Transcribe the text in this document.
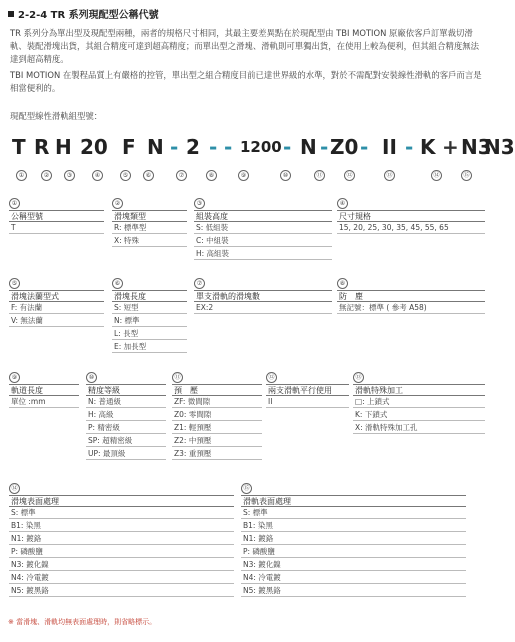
2-2-4 TR 系列現配型公稱代號
TR 系列分為單出型及現配型兩種，兩者的規格尺寸相同，其最主要差異點在於現配型由 TBI MOTION 原廠依客戶訂單裁切滑軌、裝配滑塊出貨，其組合精度可達到超高精度；而單出型之滑塊、滑軌則可單獨出貨，在使用上較為便利，但其組合精度無法達到超高精度。
TBI MOTION 在製程品質上有嚴格的控管，單出型之組合精度目前已達世界級的水準，對於不需配對安裝線性滑軌的客戶而言是相當便利的。
現配型線性滑軌組型號：
T R H 20 F N - 2 - - 1200 - N - Z0 - II - K + N3
N3
①	②	③	④	⑤	⑥	⑦	⑧	⑨	⑩	⑪	⑫	⑬	⑭	⑮
①
公稱型號
T
②
滑塊類型
R: 標準型
X: 特殊
③
組裝高度
S: 低組裝
C: 中組裝
H: 高組裝
④
尺寸規格
15, 20, 25, 30, 35, 45, 55, 65
⑤
滑塊法蘭型式
F: 有法蘭
V: 無法蘭
⑥
滑塊長度
S: 短型
N: 標準
L: 長型
E: 加長型
⑦
單支滑軌的滑塊數
EX:2
⑧
防　塵
無記號：標準 ( 參考 A58)
⑨
軌道長度
單位 :mm
⑩
精度等級
N: 普通級
H: 高級
P: 精密級
SP: 超精密級
UP: 最頂級
⑪
預　壓
ZF: 微間隙
Z0: 零間隙
Z1: 輕預壓
Z2: 中預壓
Z3: 重預壓
⑫
兩支滑軌平行使用
II
⑬
滑軌特殊加工
□: 上鎖式
K: 下鎖式
X: 滑軌特殊加工孔
⑭
滑塊表面處理
S: 標準
B1: 染黑
N1: 鍍鉻
P: 磷酸鹽
N3: 鍍化鎳
N4: 冷電鍍
N5: 鍍黑鉻
⑮
滑軌表面處理
S: 標準
B1: 染黑
N1: 鍍鉻
P: 磷酸鹽
N3: 鍍化鎳
N4: 冷電鍍
N5: 鍍黑鉻
※ 當滑塊、滑軌均無表面處理時，則省略標示。
